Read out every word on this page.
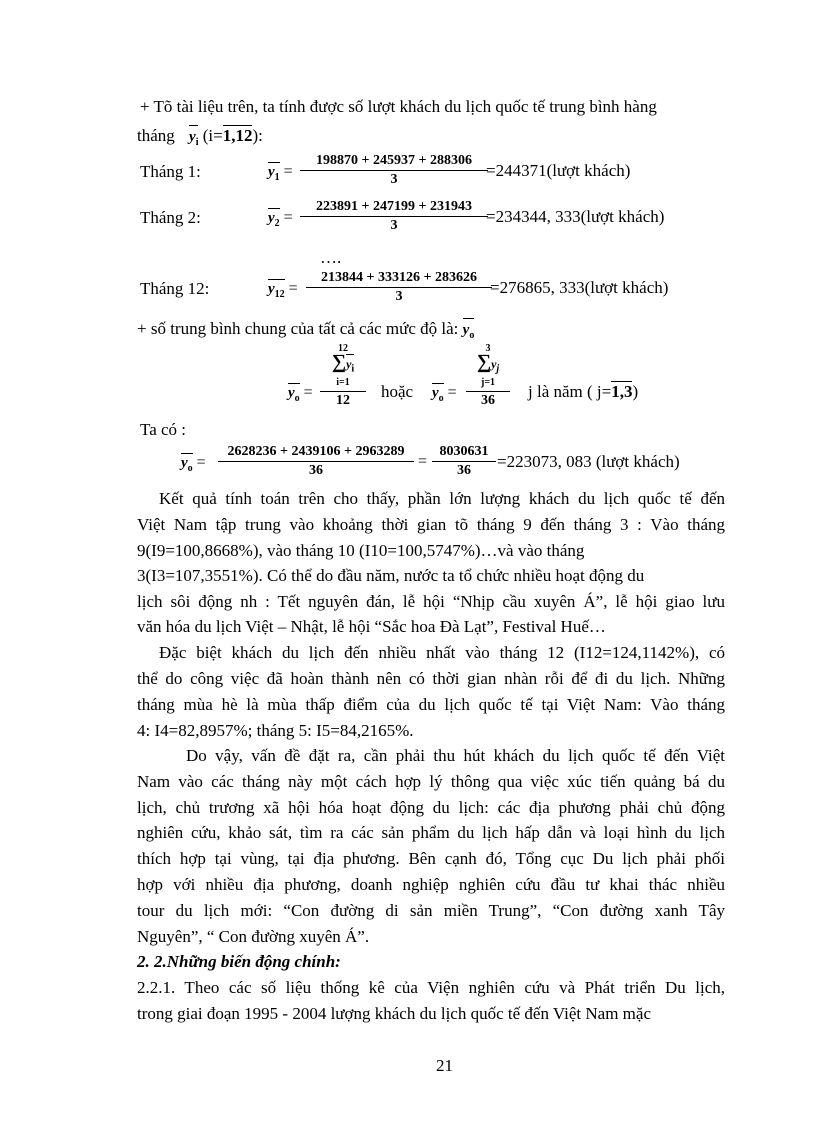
+ Tõ tài liệu trên, ta tính được số lượt khách du lịch quốc tế trung bình hàng
tháng $y_i$ (i=1,12):
Tháng 1:	$y_1 = \frac{198870 + 245937 + 288306}{3}$
=244371(lượt khách)
Tháng 2:	$y_2 = \frac{223891 + 247199 + 231943}{3}$
=234344, 333(lượt khách)
….
Tháng 12:	$y_{12} = \frac{213844 + 333126 + 283626}{3}$
=276865, 333(lượt khách)
+ số trung bình chung của tất cả các mức độ là: $y_o$
$y_o$ =
12
$\sum y_i$
i=1
12	hoặc $y_o$ =
3
$\sum y_j$
j=1
36	j là năm ( j=1,3)
Ta có :
$y_o = \frac{2628236 + 2439106 + 2963289}{36} = \frac{8030631}{36} =223073$, 083 (lượt khách)
Kết quả tính toán trên cho thấy, phần lớn lượng khách du lịch quốc tế đến
Việt Nam tập trung vào khoảng thời gian tõ tháng 9 đến tháng 3 : Vào tháng
9(I9=100,8668%), vào tháng 10 (I10=100,5747%)…và vào tháng
3(I3=107,3551%). Có thể do đầu năm, nước ta tổ chức nhiều hoạt động du
lịch sôi động nh : Tết nguyên đán, lễ hội “Nhịp cầu xuyên Á”, lễ hội giao lưu
văn hóa du lịch Việt – Nhật, lễ hội “Sắc hoa Đà Lạt”, Festival Huế…
Đặc biệt khách du lịch đến nhiều nhất vào tháng 12 (I12=124,1142%), có
thể do công việc đã hoàn thành nên có thời gian nhàn rỗi để đi du lịch. Những
tháng mùa hè là mùa thấp điểm của du lịch quốc tế tại Việt Nam: Vào tháng
4: I4=82,8957%; tháng 5: I5=84,2165%.
Do vậy, vấn đề đặt ra, cần phải thu hút khách du lịch quốc tế đến Việt
Nam vào các tháng này một cách hợp lý thông qua việc xúc tiến quảng bá du
lịch, chủ trương xã hội hóa hoạt động du lịch: các địa phương phải chủ động
nghiên cứu, khảo sát, tìm ra các sản phẩm du lịch hấp dẫn và loại hình du lịch
thích hợp tại vùng, tại địa phương. Bên cạnh đó, Tổng cục Du lịch phải phối
hợp với nhiều địa phương, doanh nghiệp nghiên cứu đầu tư khai thác nhiều
tour du lịch mới: “Con đường di sản miền Trung”, “Con đường xanh Tây
Nguyên”, “ Con đường xuyên Á”.
2. 2.Những biến động chính:
2.2.1. Theo các số liệu thống kê của Viện nghiên cứu và Phát triển Du lịch,
trong giai đoạn 1995 - 2004 lượng khách du lịch quốc tế đến Việt Nam mặc
21
